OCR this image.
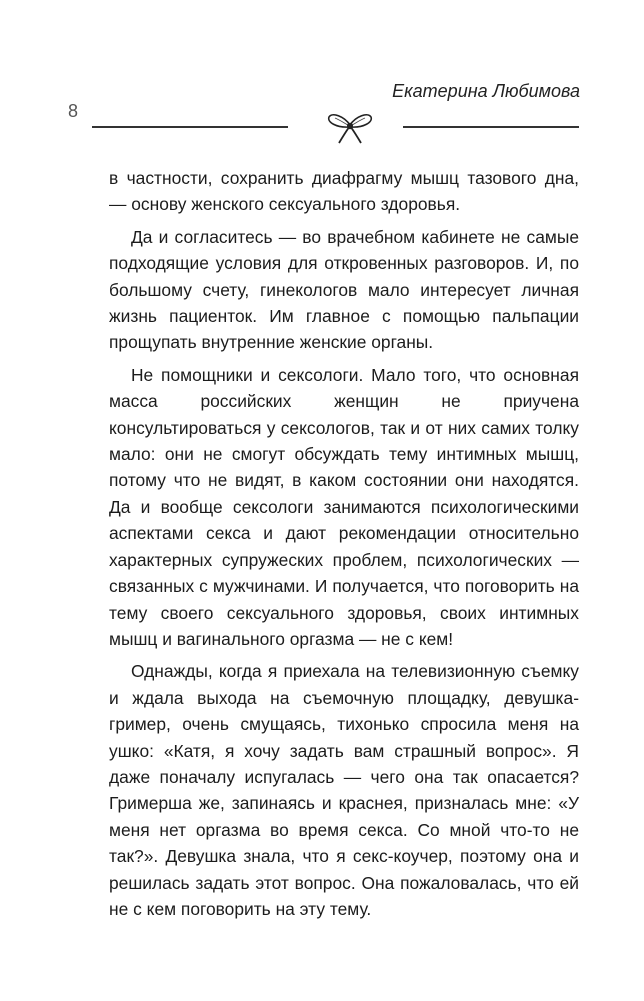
Екатерина Любимова
8

в частности, сохранить диафрагму мышц тазового дна, — основу женского сексуального здоровья.

Да и согласитесь — во врачебном кабинете не самые подходящие условия для откровенных разговоров. И, по большому счету, гинекологов мало интересует личная жизнь пациенток. Им главное с помощью пальпации прощупать внутренние женские органы.

Не помощники и сексологи. Мало того, что основная масса российских женщин не приучена консультироваться у сексологов, так и от них самих толку мало: они не смогут обсуждать тему интимных мышц, потому что не видят, в каком состоянии они находятся. Да и вообще сексологи занимаются психологическими аспектами секса и дают рекомендации относительно характерных супружеских проблем, психологических — связанных с мужчинами. И получается, что поговорить на тему своего сексуального здоровья, своих интимных мышц и вагинального оргазма — не с кем!

Однажды, когда я приехала на телевизионную съемку и ждала выхода на съемочную площадку, девушка-гример, очень смущаясь, тихонько спросила меня на ушко: «Катя, я хочу задать вам страшный вопрос». Я даже поначалу испугалась — чего она так опасается? Гримерша же, запинаясь и краснея, призналась мне: «У меня нет оргазма во время секса. Со мной что-то не так?». Девушка знала, что я секс-коучер, поэтому она и решилась задать этот вопрос. Она пожаловалась, что ей не с кем поговорить на эту тему.
